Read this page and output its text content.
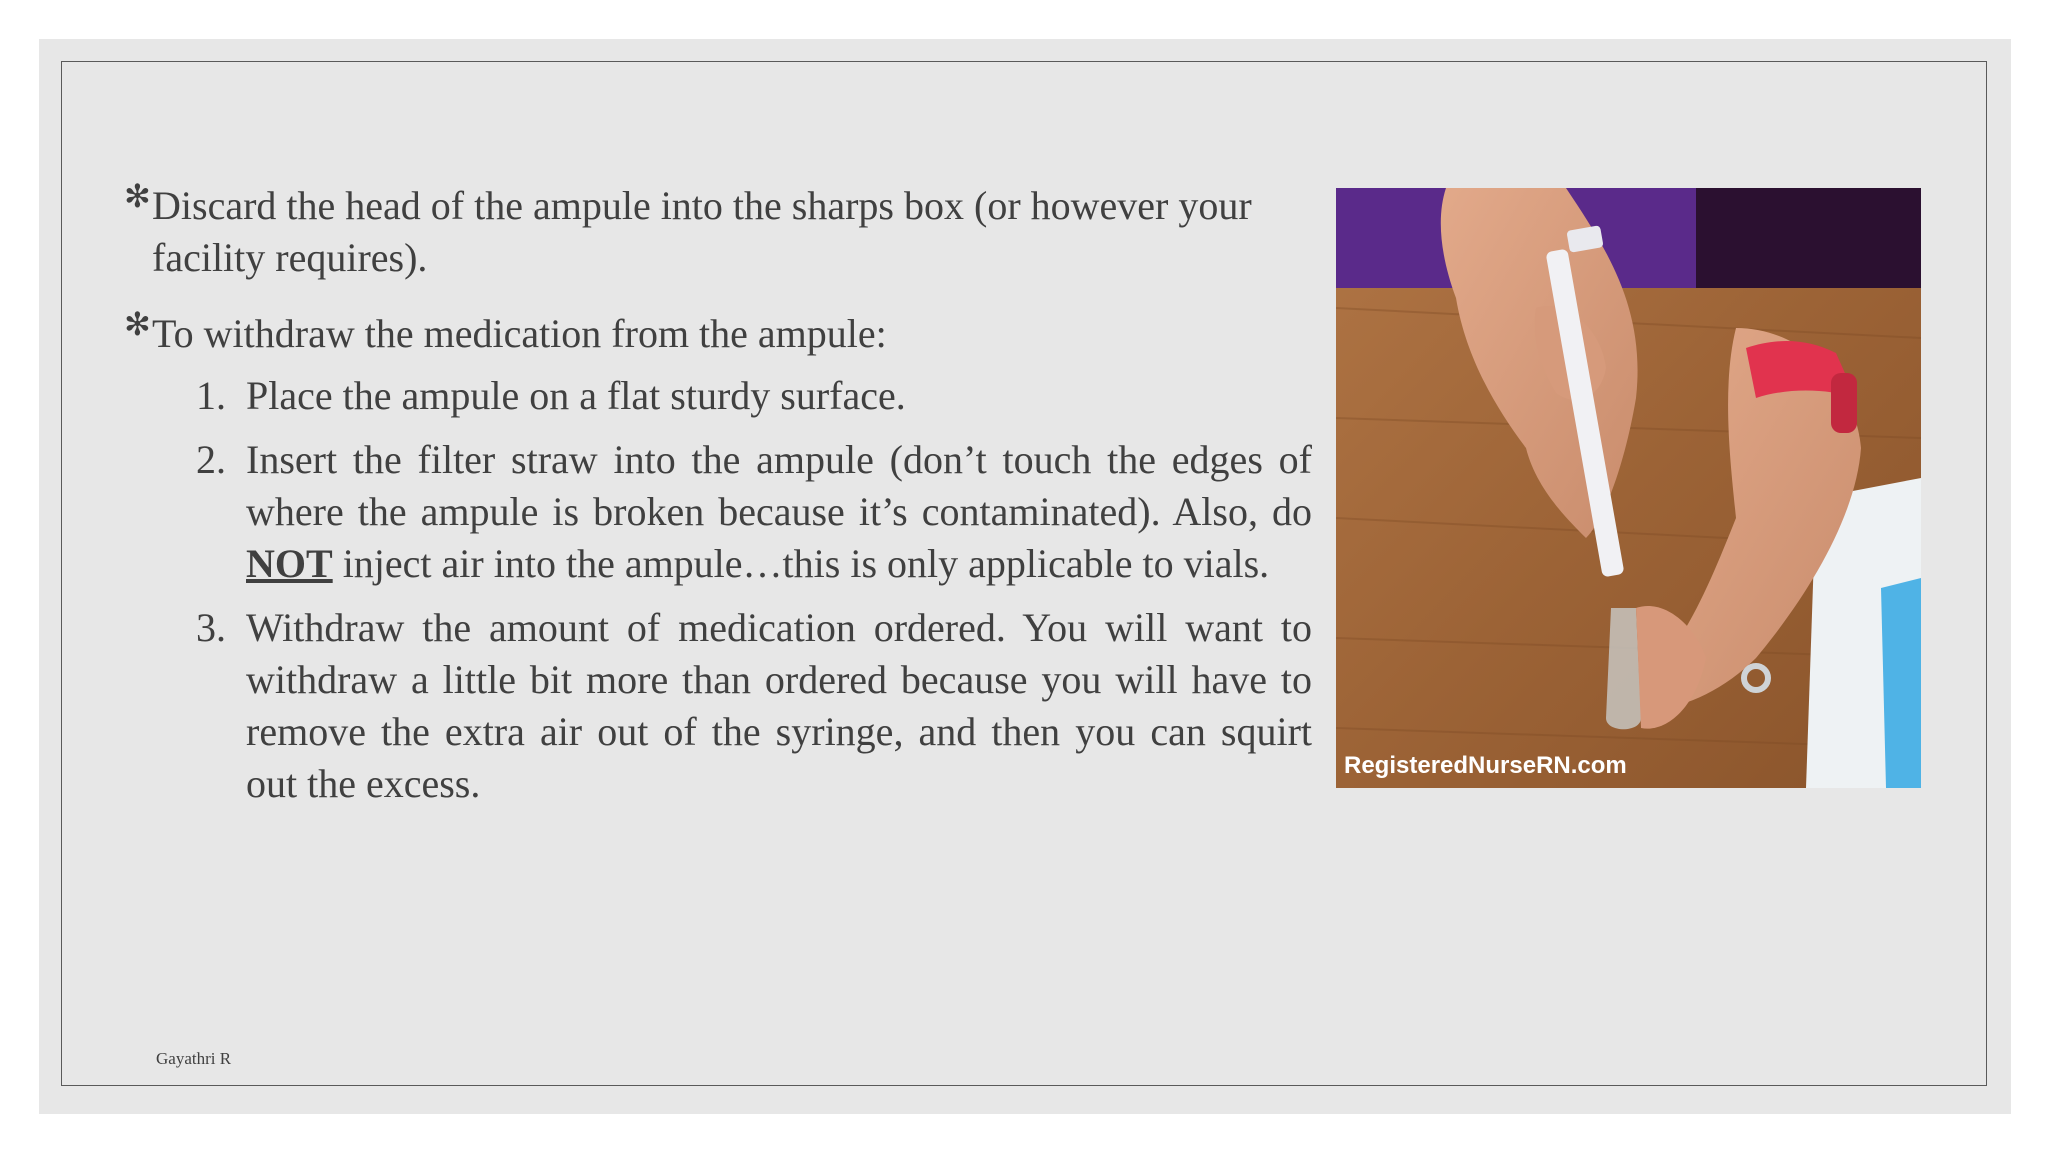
✻ Discard the head of the ampule into the sharps box (or however your facility requires).
✻ To withdraw the medication from the ampule:
1. Place the ampule on a flat sturdy surface.
2. Insert the filter straw into the ampule (don’t touch the edges of where the ampule is broken because it’s contaminated). Also, do NOT inject air into the ampule…this is only applicable to vials.
3. Withdraw the amount of medication ordered. You will want to withdraw a little bit more than ordered because you will have to remove the extra air out of the syringe, and then you can squirt out the excess.	RegisteredNurseRN.com
Gayathri R
